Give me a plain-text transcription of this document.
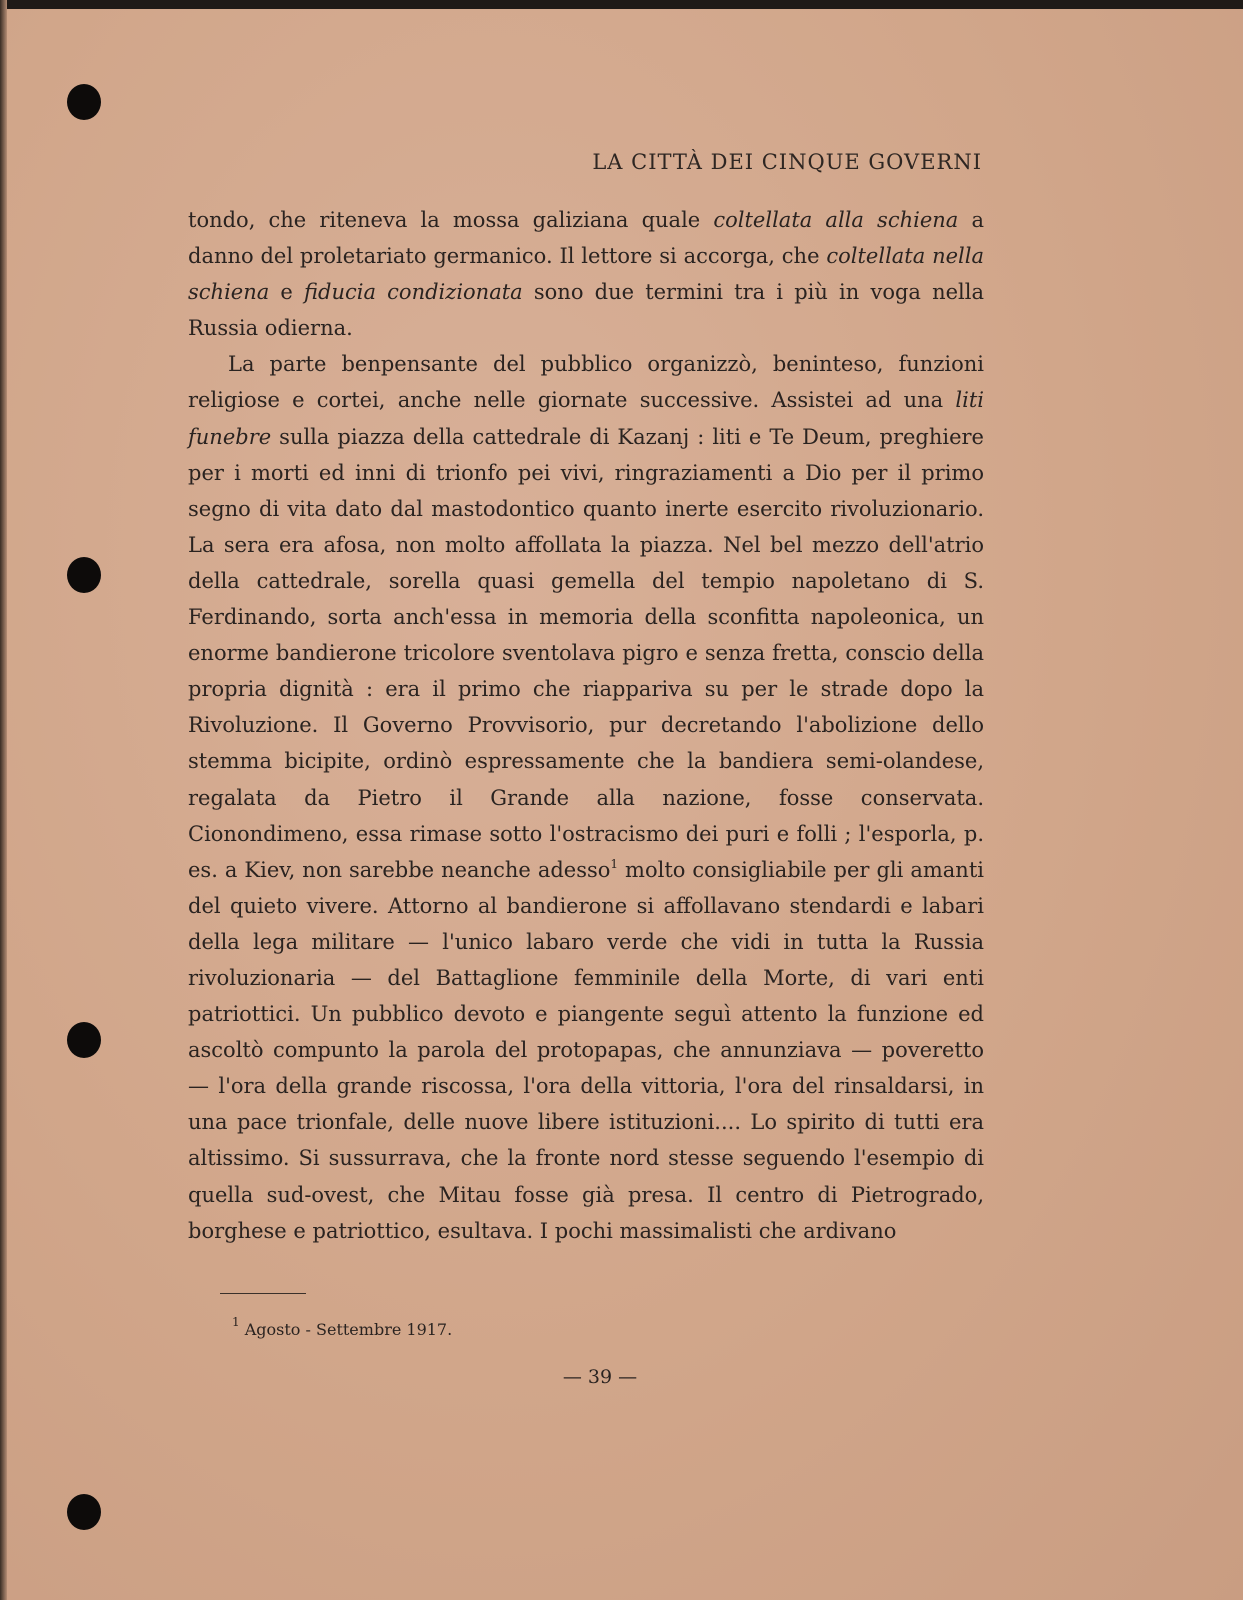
LA CITTÀ DEI CINQUE GOVERNI

tondo, che riteneva la mossa galiziana quale coltellata alla schiena a danno del proletariato germanico. Il lettore si accorga, che coltellata nella schiena e fiducia condizionata sono due termini tra i più in voga nella Russia odierna.

La parte benpensante del pubblico organizzò, beninteso, funzioni religiose e cortei, anche nelle giornate successive. Assistei ad una liti funebre sulla piazza della cattedrale di Kazanj : liti e Te Deum, preghiere per i morti ed inni di trionfo pei vivi, ringraziamenti a Dio per il primo segno di vita dato dal mastodontico quanto inerte esercito rivoluzionario. La sera era afosa, non molto affollata la piazza. Nel bel mezzo dell'atrio della cattedrale, sorella quasi gemella del tempio napoletano di S. Ferdinando, sorta anch'essa in memoria della sconfitta napoleonica, un enorme bandierone tricolore sventolava pigro e senza fretta, conscio della propria dignità : era il primo che riappariva su per le strade dopo la Rivoluzione. Il Governo Provvisorio, pur decretando l'abolizione dello stemma bicipite, ordinò espressamente che la bandiera semi-olandese, regalata da Pietro il Grande alla nazione, fosse conservata. Cionondimeno, essa rimase sotto l'ostracismo dei puri e folli ; l'esporla, p. es. a Kiev, non sarebbe neanche adesso$^1$ molto consigliabile per gli amanti del quieto vivere. Attorno al bandierone si affollavano stendardi e labari della lega militare — l'unico labaro verde che vidi in tutta la Russia rivoluzionaria — del Battaglione femminile della Morte, di vari enti patriottici. Un pubblico devoto e piangente seguì attento la funzione ed ascoltò compunto la parola del protopapas, che annunziava — poveretto — l'ora della grande riscossa, l'ora della vittoria, l'ora del rinsaldarsi, in una pace trionfale, delle nuove libere istituzioni.... Lo spirito di tutti era altissimo. Si sussurrava, che la fronte nord stesse seguendo l'esempio di quella sud-ovest, che Mitau fosse già presa. Il centro di Pietrogrado, borghese e patriottico, esultava. I pochi massimalisti che ardivano

$^1$ Agosto - Settembre 1917.
— 39 —
